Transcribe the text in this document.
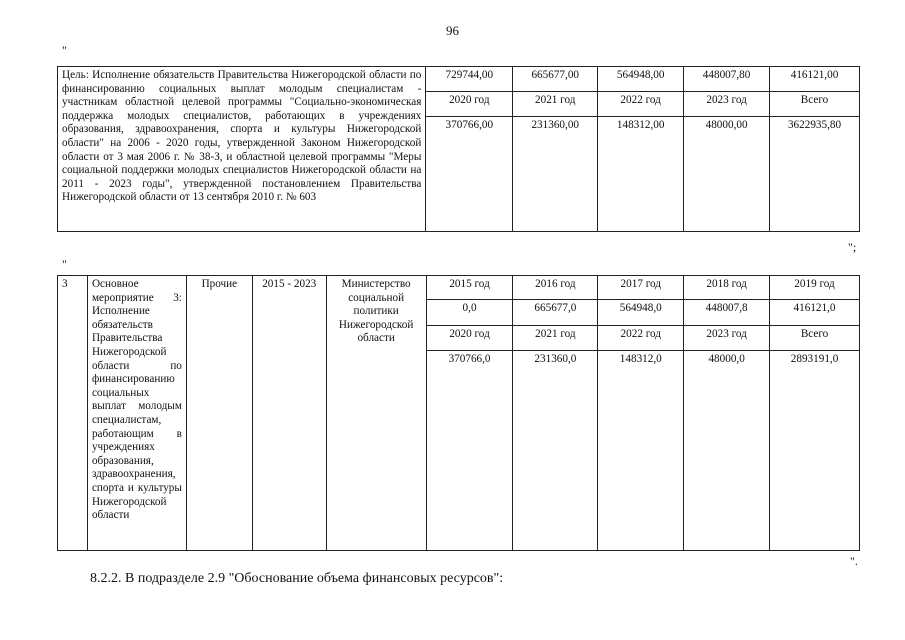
96
"
Цель: Исполнение обязательств Правительства Нижегородской области по финансированию социальных выплат молодым специалистам - участникам областной целевой программы "Социально-экономическая поддержка молодых специалистов, работающих в учреждениях образования, здравоохранения, спорта и культуры Нижегородской области" на 2006 - 2020 годы, утвержденной Законом Нижегородской области от 3 мая 2006 г. № 38-З, и областной целевой программы "Меры социальной поддержки молодых специалистов Нижегородской области на 2011 - 2023 годы", утвержденной постановлением Правительства Нижегородской области от 13 сентября 2010 г. № 603	729744,00	665677,00	564948,00	448007,80	416121,00
	2020 год	2021 год	2022 год	2023 год	Всего
	370766,00	231360,00	148312,00	48000,00	3622935,80
";
"
3	Основное мероприятие 3: Исполнение обязательств Правительства Нижегородской области по финансированию социальных выплат молодым специалистам, работающим в учреждениях образования, здравоохранения, спорта и культуры Нижегородской области	Прочие	2015 - 2023	Министерство социальной политики Нижегородской области	2015 год	2016 год	2017 год	2018 год	2019 год
					0,0	665677,0	564948,0	448007,8	416121,0
					2020 год	2021 год	2022 год	2023 год	Всего
					370766,0	231360,0	148312,0	48000,0	2893191,0
".
8.2.2. В подразделе 2.9 "Обоснование объема финансовых ресурсов":
